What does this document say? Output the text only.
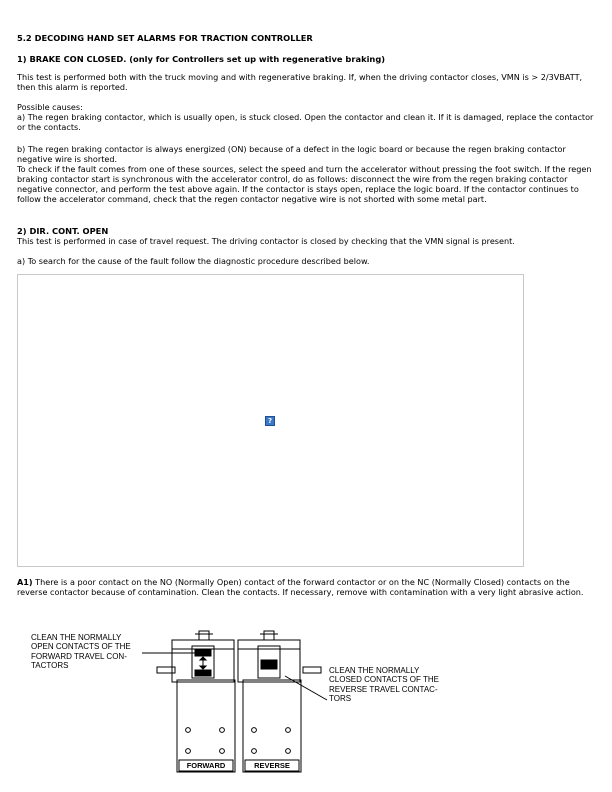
5.2 DECODING HAND SET ALARMS FOR TRACTION CONTROLLER

1) BRAKE CON CLOSED. (only for Controllers set up with regenerative braking)

This test is performed both with the truck moving and with regenerative braking. If, when the driving contactor closes, VMN is > 2/3VBATT, then this alarm is reported.

Possible causes:

a) The regen braking contactor, which is usually open, is stuck closed. Open the contactor and clean it. If it is damaged, replace the contactor or the contacts.

b) The regen braking contactor is always energized (ON) because of a defect in the logic board or because the regen braking contactor negative wire is shorted.

To check if the fault comes from one of these sources, select the speed and turn the accelerator without pressing the foot switch. If the regen braking contactor start is synchronous with the accelerator control, do as follows: disconnect the wire from the regen braking contactor negative connector, and perform the test above again. If the contactor is stays open, replace the logic board. If the contactor continues to follow the accelerator command, check that the regen contactor negative wire is not shorted with some metal part.

2) DIR. CONT. OPEN

This test is performed in case of travel request. The driving contactor is closed by checking that the VMN signal is present.

a) To search for the cause of the fault follow the diagnostic procedure described below.

?

A1) There is a poor contact on the NO (Normally Open) contact of the forward contactor or on the NC (Normally Closed) contacts on the reverse contactor because of contamination. Clean the contacts. If necessary, remove with contamination with a very light abrasive action.

CLEAN THE NORMALLY
OPEN CONTACTS OF THE
FORWARD TRAVEL CON-
TACTORS
CLEAN THE NORMALLY
CLOSED CONTACTS OF THE
REVERSE TRAVEL CONTAC-
TORS
FORWARD	REVERSE
